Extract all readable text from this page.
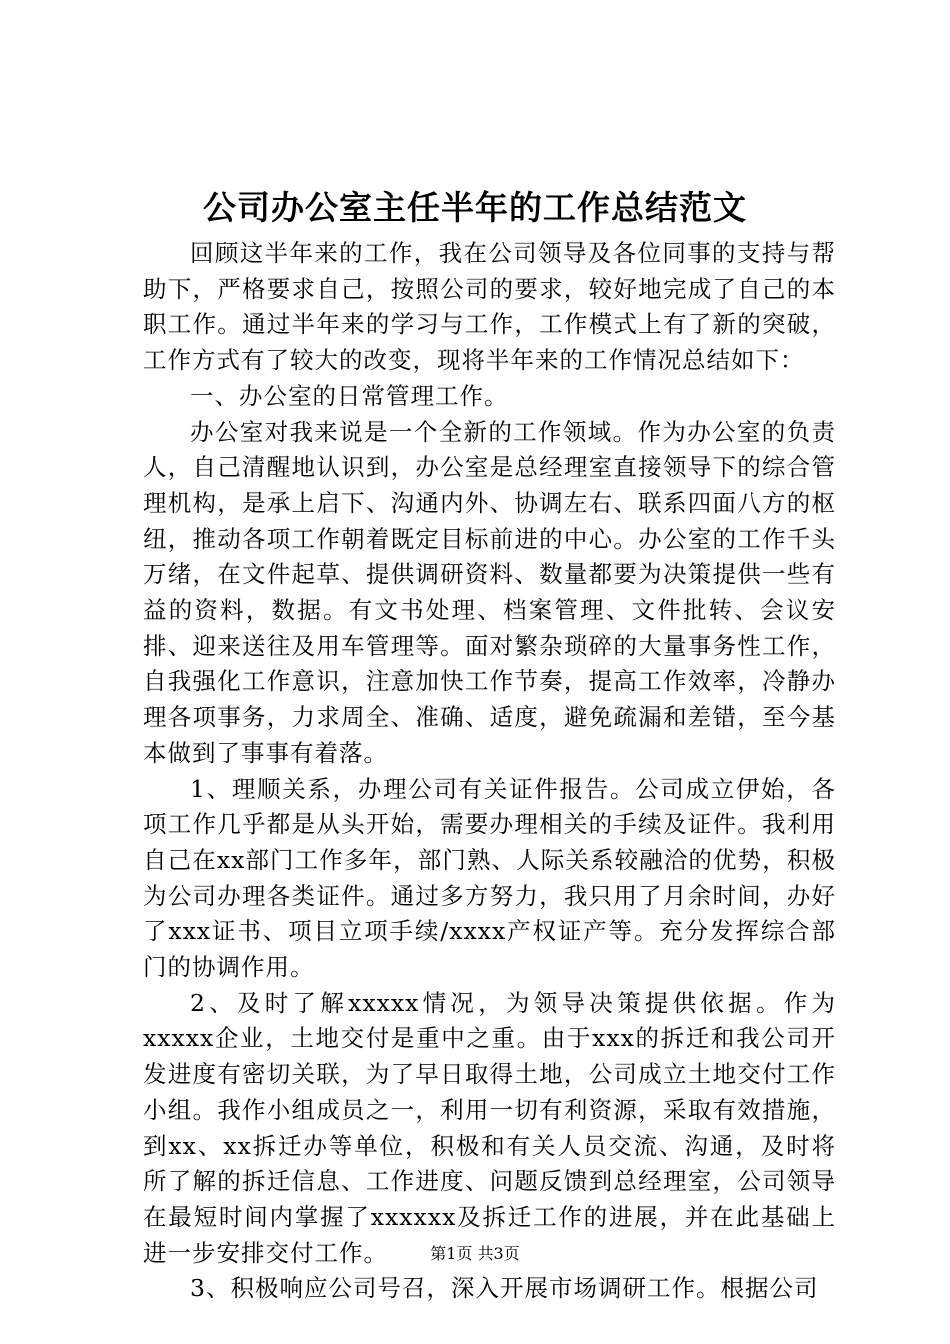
公司办公室主任半年的工作总结范文

回顾这半年来的工作，我在公司领导及各位同事的支持与帮助下，严格要求自己，按照公司的要求，较好地完成了自己的本职工作。通过半年来的学习与工作，工作模式上有了新的突破，工作方式有了较大的改变，现将半年来的工作情况总结如下：

一、办公室的日常管理工作。

办公室对我来说是一个全新的工作领域。作为办公室的负责人，自己清醒地认识到，办公室是总经理室直接领导下的综合管理机构，是承上启下、沟通内外、协调左右、联系四面八方的枢纽，推动各项工作朝着既定目标前进的中心。办公室的工作千头万绪，在文件起草、提供调研资料、数量都要为决策提供一些有益的资料，数据。有文书处理、档案管理、文件批转、会议安排、迎来送往及用车管理等。面对繁杂琐碎的大量事务性工作，自我强化工作意识，注意加快工作节奏，提高工作效率，冷静办理各项事务，力求周全、准确、适度，避免疏漏和差错，至今基本做到了事事有着落。

1、理顺关系，办理公司有关证件报告。公司成立伊始，各项工作几乎都是从头开始，需要办理相关的手续及证件。我利用自己在xx部门工作多年，部门熟、人际关系较融洽的优势，积极为公司办理各类证件。通过多方努力，我只用了月余时间，办好了xxx证书、项目立项手续/xxxx产权证产等。充分发挥综合部门的协调作用。

2、及时了解xxxxx情况，为领导决策提供依据。作为xxxxx企业，土地交付是重中之重。由于xxx的拆迁和我公司开发进度有密切关联，为了早日取得土地，公司成立土地交付工作小组。我作小组成员之一，利用一切有利资源，采取有效措施，到xx、xx拆迁办等单位，积极和有关人员交流、沟通，及时将所了解的拆迁信息、工作进度、问题反馈到总经理室，公司领导在最短时间内掌握了xxxxxx及拆迁工作的进展，并在此基础上进一步安排交付工作。

3、积极响应公司号召，深入开展市场调研工作。根据公司

第1页 共3页
